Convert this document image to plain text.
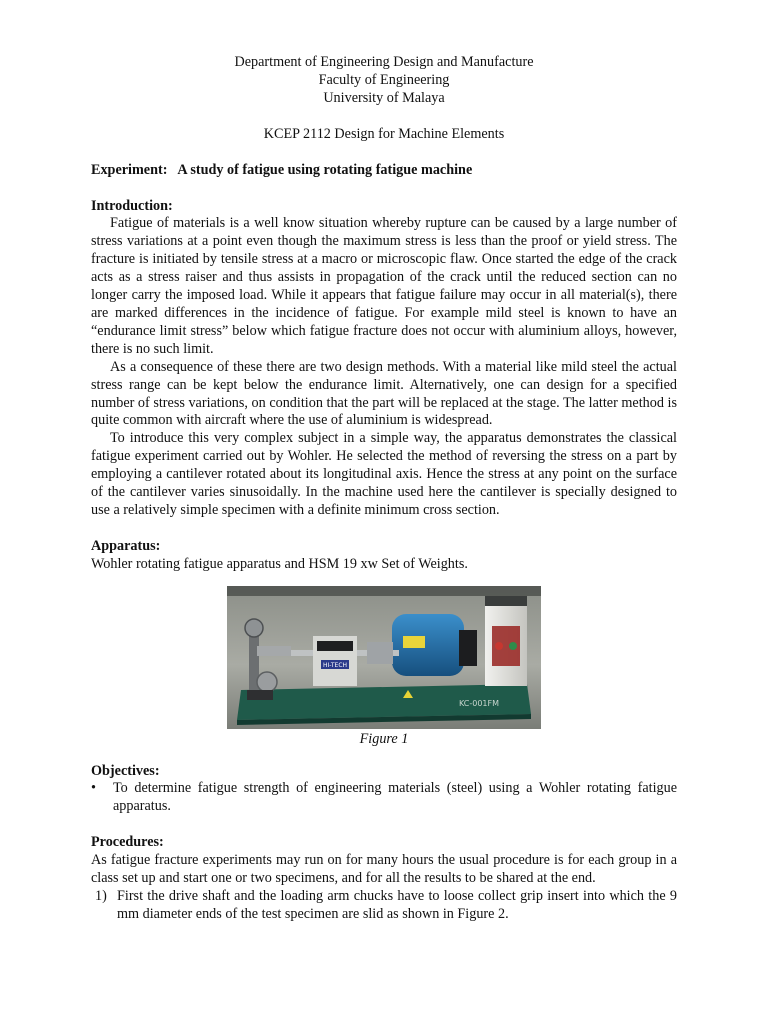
Department of Engineering Design and Manufacture
Faculty of Engineering
University of Malaya
KCEP 2112 Design for Machine Elements
Experiment: A study of fatigue using rotating fatigue machine
Introduction:

Fatigue of materials is a well know situation whereby rupture can be caused by a large number of stress variations at a point even though the maximum stress is less than the proof or yield stress. The fracture is initiated by tensile stress at a macro or microscopic flaw. Once started the edge of the crack acts as a stress raiser and thus assists in propagation of the crack until the reduced section can no longer carry the imposed load. While it appears that fatigue failure may occur in all material(s), there are marked differences in the incidence of fatigue. For example mild steel is known to have an “endurance limit stress” below which fatigue fracture does not occur with aluminium alloys, however, there is no such limit.

As a consequence of these there are two design methods. With a material like mild steel the actual stress range can be kept below the endurance limit. Alternatively, one can design for a specified number of stress variations, on condition that the part will be replaced at the stage. The latter method is quite common with aircraft where the use of aluminium is widespread.

To introduce this very complex subject in a simple way, the apparatus demonstrates the classical fatigue experiment carried out by Wohler. He selected the method of reversing the stress on a part by employing a cantilever rotated about its longitudinal axis. Hence the stress at any point on the surface of the cantilever varies sinusoidally. In the machine used here the cantilever is specially designed to use a relatively simple specimen with a definite minimum cross section.

Apparatus:

Wohler rotating fatigue apparatus and HSM 19 xw Set of Weights.

HI-TECH
KC-001FM
Figure 1
Objectives:
• To determine fatigue strength of engineering materials (steel) using a Wohler rotating fatigue apparatus.
Procedures:

As fatigue fracture experiments may run on for many hours the usual procedure is for each group in a class set up and start one or two specimens, and for all the results to be shared at the end.

1) First the drive shaft and the loading arm chucks have to loose collect grip insert into which the 9 mm diameter ends of the test specimen are slid as shown in Figure 2.
